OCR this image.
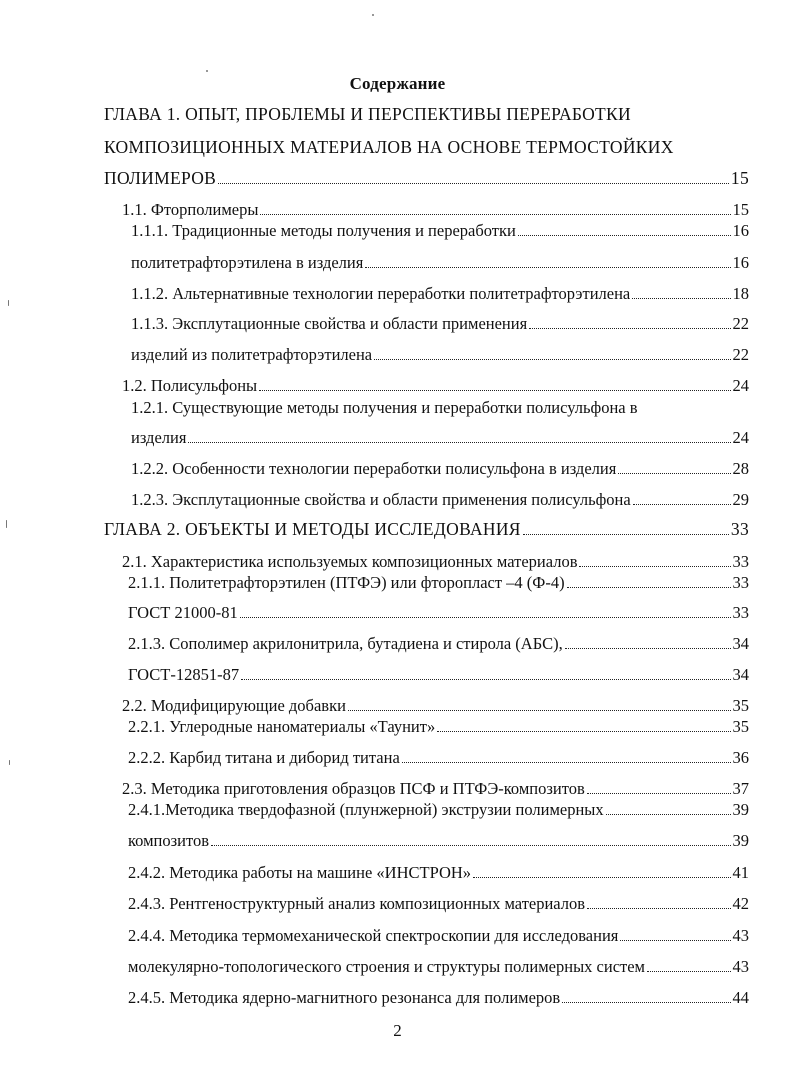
Содержание
ГЛАВА 1. ОПЫТ, ПРОБЛЕМЫ И ПЕРСПЕКТИВЫ ПЕРЕРАБОТКИ
КОМПОЗИЦИОННЫХ МАТЕРИАЛОВ НА ОСНОВЕ ТЕРМОСТОЙКИХ
ПОЛИМЕРОВ	15
1.1. Фторполимеры	15
1.1.1. Традиционные методы получения и переработки	16
политетрафторэтилена в изделия	16
1.1.2. Альтернативные технологии переработки политетрафторэтилена	18
1.1.3. Эксплутационные свойства и области применения	22
изделий из политетрафторэтилена	22
1.2. Полисульфоны	24
1.2.1. Существующие методы получения и переработки полисульфона в
изделия	24
1.2.2. Особенности технологии переработки полисульфона в изделия	28
1.2.3. Эксплутационные свойства и области применения полисульфона	29
ГЛАВА 2. ОБЪЕКТЫ И МЕТОДЫ ИССЛЕДОВАНИЯ	33
2.1. Характеристика используемых композиционных материалов	33
2.1.1. Политетрафторэтилен (ПТФЭ) или фторопласт –4 (Ф-4)	33
ГОСТ 21000-81	33
2.1.3. Сополимер акрилонитрила, бутадиена и стирола (АБС),	34
ГОСТ-12851-87	34
2.2. Модифицирующие добавки	35
2.2.1. Углеродные наноматериалы «Таунит»	35
2.2.2. Карбид титана и диборид титана	36
2.3. Методика приготовления образцов ПСФ и ПТФЭ-композитов	37
2.4.1.Методика твердофазной (плунжерной) экструзии полимерных	39
композитов	39
2.4.2. Методика работы на машине «ИНСТРОН»	41
2.4.3. Рентгеноструктурный анализ композиционных материалов	42
2.4.4. Методика термомеханической спектроскопии для исследования	43
молекулярно-топологического строения и структуры полимерных систем	43
2.4.5. Методика ядерно-магнитного резонанса для полимеров	44
2
